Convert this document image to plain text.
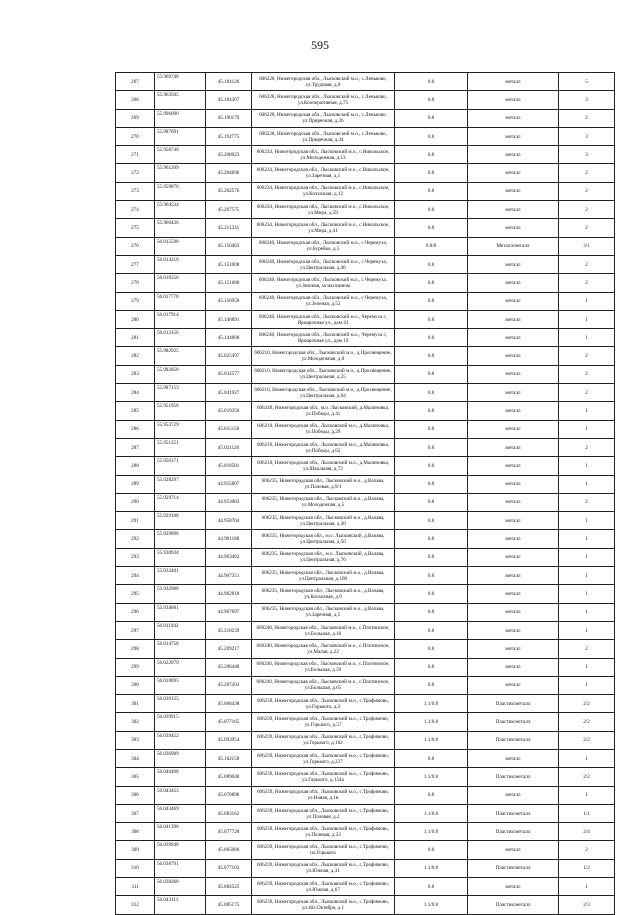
595
267	55.969748	45.184126	606228, Нижегородская обл., Лысковский м.о., с.Леньково, ул.Трудовая, д.8	0.8	металл	5
268	55.963505	45.184307	606228, Нижегородская обл., Лысковский м.о., с.Леньково, ул.Кооперативная, д.75	0.8	металл	3
269	55.996000	45.190179	606228, Нижегородская обл., Лысковский м.о., с.Леньково, ул.Приречная, д.26	0.8	металл	2
270	55.987691	45.192775	606228, Нижегородская обл., Лысковский м.о., с.Леньково, ул.Приречная, д.34	0.8	металл	3
271	55.958740	45.208023	606234, Нижегородская обл., Лысковский м.о., с.Никольское, ул.Молодежная, д.13	0.8	металл	3
272	55.961209	45.204696	606234, Нижегородская обл., Лысковский м.о., с.Никольское, ул.Заречная, д.1	0.8	металл	2
273	55.959870	45.202576	606234, Нижегородская обл., Лысковский м.о., с.Никольское, ул.Колхозная, д.12	0.8	металл	2
274	55.964534	45.207575	606234, Нижегородская обл., Лысковский м.о., с.Никольское, ул.Мира, д.59	0.8	металл	2
275	55.960436	45.211331	606234, Нижегородская обл., Лысковский м.о., с.Никольское, ул.Мира, д.41	0.8	металл	2
276	56.015598	45.156463	606240, Нижегородская обл., Лысковский м.о., с.Черемуха, ул.Бурейко, д.5	0.8/8	Металл/металл	3/1
277	56.014210	45.151008	606240, Нижегородская обл., Лысковский м.о., с.Черемуха, ул.Центральная, д.46	0.8	металл	2
278	56.018356	45.151680	606240, Нижегородская обл., Лысковский м.о., с.Черемуха, ул.Зеленая, за магазином	0.8	металл	2
279	56.017778	45.156958	606240, Нижегородская обл., Лысковский м.о., с.Черемуха, ул.Зеленая, д.52	0.8	металл	1
280	56.017914	45.146891	606240, Нижегородская обл., Лысковский м.о., Черемуха с, Ярмарочная ул., дом 43	0.8	металл	1
281	56.013156	45.144808	606240, Нижегородская обл., Лысковский м.о., Черемуха с, Ярмарочная ул., дом 19	0.8	металл	1
282	55.982925	45.025497	606210, Нижегородская обл., Лысковский м.о., д.Просвещение, ул.Молодежная, д.8	0.8	металл	2
283	55.982858	45.032577	606210, Нижегородская обл., Лысковский м.о., д.Просвещение, ул.Центральная, д.25	0.8	металл	2
284	55.987153	45.041927	606210, Нижегородская обл., Лысковский м.о., д.Просвещение, ул.Центральная, д.64	0.8	металл	2
285	55.951958	45.019356	606240, Нижегородская обл., м.о. Лысковский, д.Малиновка, ул.Победы, д.41	0.8	металл	1
286	55.953729	45.015156	606210, Нижегородская обл., Лысковский м.о., д.Малиновка, ул.Победы, д.29	0.8	металл	1
287	55.951251	45.021126	606210, Нижегородская обл., Лысковский м.о., д.Малиновка, ул.Победы, д.62	0.8	металл	2
288	55.950371	45.018581	606210, Нижегородская обл., Лысковский м.о., д.Малиновка, ул.Школьная, д.72	0.8	металл	1
289	55.928297	44.955807	606235, Нижегородская обл., Лысковский м.о., д.Валава, ул.Полевая, д.9/1	0.8	металл	1
290	55.929714	44.953083	606235, Нижегородская обл., Лысковский м.о., д.Валава, ул.Молодежная, д.5	0.8	металл	2
291	55.929108	44.958704	606235, Нижегородская обл., Лысковский м.о., д.Валава, ул.Центральная, д.30	0.8	металл	1
292	55.929898	44.961188	606235, Нижегородская обл., м.о. Лысковский, д.Валава, ул.Центральная, д.50	0.8	металл	1
293	55.930934	44.963462	606235, Нижегородская обл., м.о. Лысковский, д.Валава, ул.Центральная, д.76	0.8	металл	1
294	55.932481	44.967351	606235, Нижегородская обл., Лысковский м.о., д.Валава, ул.Центральная, д.100	0.8	металл	1
295	55.932988	44.962818	606235, Нижегородская обл., Лысковский м.о., д.Валава, ул.Колхозная, д.9	0.8	металл	1
296	55.934681	44.967697	606235, Нижегородская обл., Лысковский м.о., д.Валава, ул.Заречная, д.5	0.8	металл	1
297	56.011942	45.210239	606240, Нижегородская обл., Лысковский м.о., с.Плотинское, ул.Большая, д.16	0.8	металл	1
298	56.014758	45.209217	606240, Нижегородская обл., Лысковский м.о., с.Плотинское, ул.Малая, д.22	0.8	металл	2
299	56.022079	45.206448	606240, Нижегородская обл., Лысковский м.о., с.Плотинское, ул.Большая, д.59	0.8	металл	1
300	56.018095	45.207203	606240, Нижегородская обл., Лысковский м.о., с.Плотинское, ул.Большая, д.65	0.8	металл	1
301	56.039155	45.068438	606239, Нижегородская обл., Лысковский м.о., с.Трофимово, ул.Горького, д.2	1.1/0.8	Пластик/металл	2/2
302	56.039915	45.077165	606239, Нижегородская обл., Лысковский м.о., с.Трофимово, ул.Горького, д.57	1.1/0.8	Пластик/металл	2/2
303	56.039452	45.093954	606239, Нижегородская обл., Лысковский м.о., с.Трофимово, ул.Горького, д.182	1.1/0.8	Пластик/металл	2/2
304	56.036989	45.102158	606239, Нижегородская обл., Лысковский м.о., с.Трофимово, ул.Горького, д.227	0.8	металл	1
305	56.040408	45.089040	606239, Нижегородская обл., Лысковский м.о., с.Трофимово, ул.Горького, д.154а	1.1/0.8	Пластик/металл	2/2
306	56.043453	45.076896	606239, Нижегородская обл., Лысковский м.о., с.Трофимово, ул.Новая, д.1в	0.8	металл	1
307	56.043469	45.083162	606239, Нижегородская обл., Лысковский м.о., с.Трофимово, ул.Полевая, д.2	1.1/0.8	Пластик/металл	1/1
308	56.041396	45.077728	606239, Нижегородская обл., Лысковский м.о., с.Трофимово, ул.Полевая, д.23	1.1/0.8	Пластик/металл	2/4
309	56.039948	45.065086	606239, Нижегородская обл., Лысковский м.о., с.Трофимово, пл.Горького	0.8	металл	2
310	56.038791	45.077103	606239, Нижегородская обл., Лысковский м.о., с.Трофимово, ул.Южная, д.31	1.1/0.8	Пластик/металл	1/2
311	56.038268	45.084525	606239, Нижегородская обл., Лысковский м.о., с.Трофимово, ул.Южная, д.67	0.8	металл	1
312	56.043111	45.085175	606239, Нижегородская обл., Лысковский м.о., с.Трофимово, ул.40л.Октября, д.1	1.1/0.8	Пластик/металл	2/3
